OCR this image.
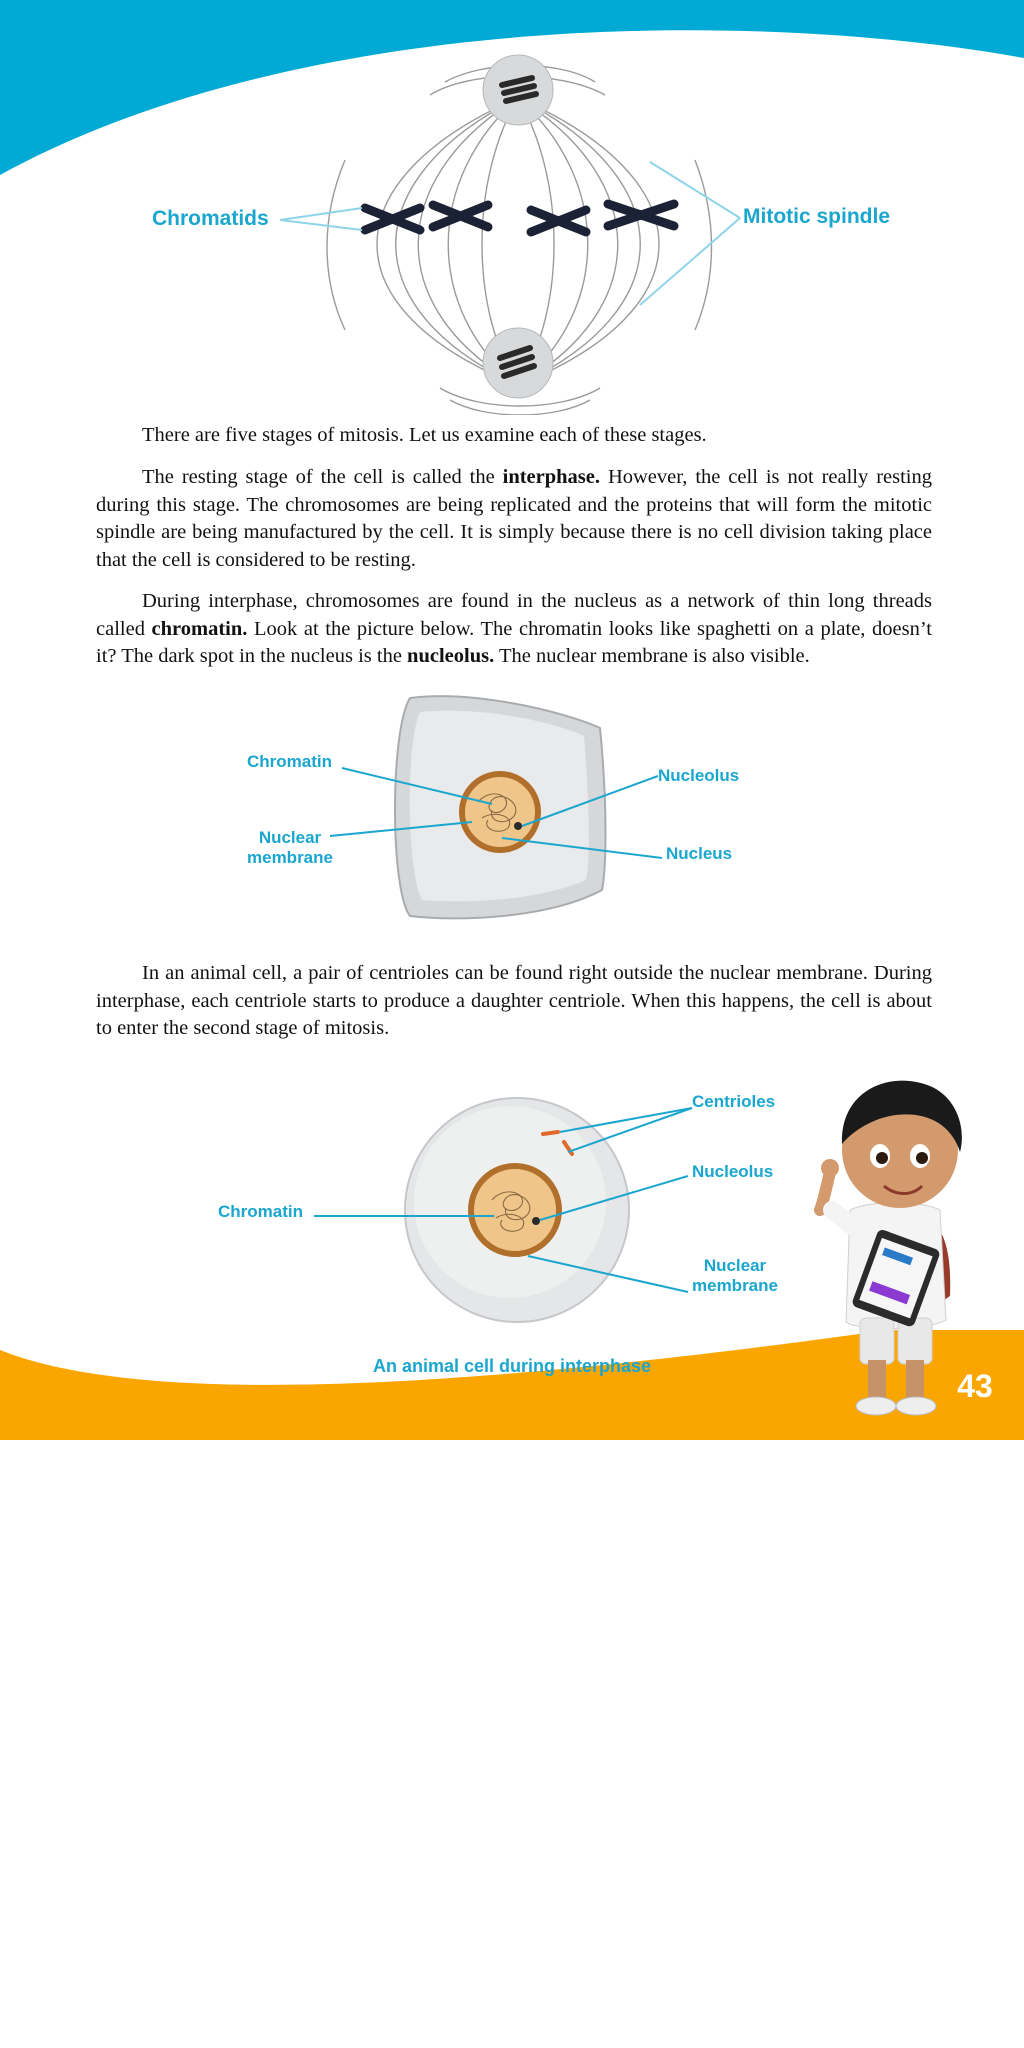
Chromatids	Mitotic spindle

There are five stages of mitosis. Let us examine each of these stages.

The resting stage of the cell is called the interphase. However, the cell is not really resting during this stage. The chromosomes are being replicated and the proteins that will form the mitotic spindle are being manufactured by the cell. It is simply because there is no cell division taking place that the cell is considered to be resting.

During interphase, chromosomes are found in the nucleus as a network of thin long threads called chromatin. Look at the picture below. The chromatin looks like spaghetti on a plate, doesn’t it? The dark spot in the nucleus is the nucleolus. The nuclear membrane is also visible.

Chromatin
Nuclear
membrane
Nucleolus
Nucleus

In an animal cell, a pair of centrioles can be found right outside the nuclear membrane. During interphase, each centriole starts to produce a daughter centriole. When this happens, the cell is about to enter the second stage of mitosis.

Centrioles
Nucleolus
Chromatin
Nuclear
membrane
An animal cell during interphase
43
